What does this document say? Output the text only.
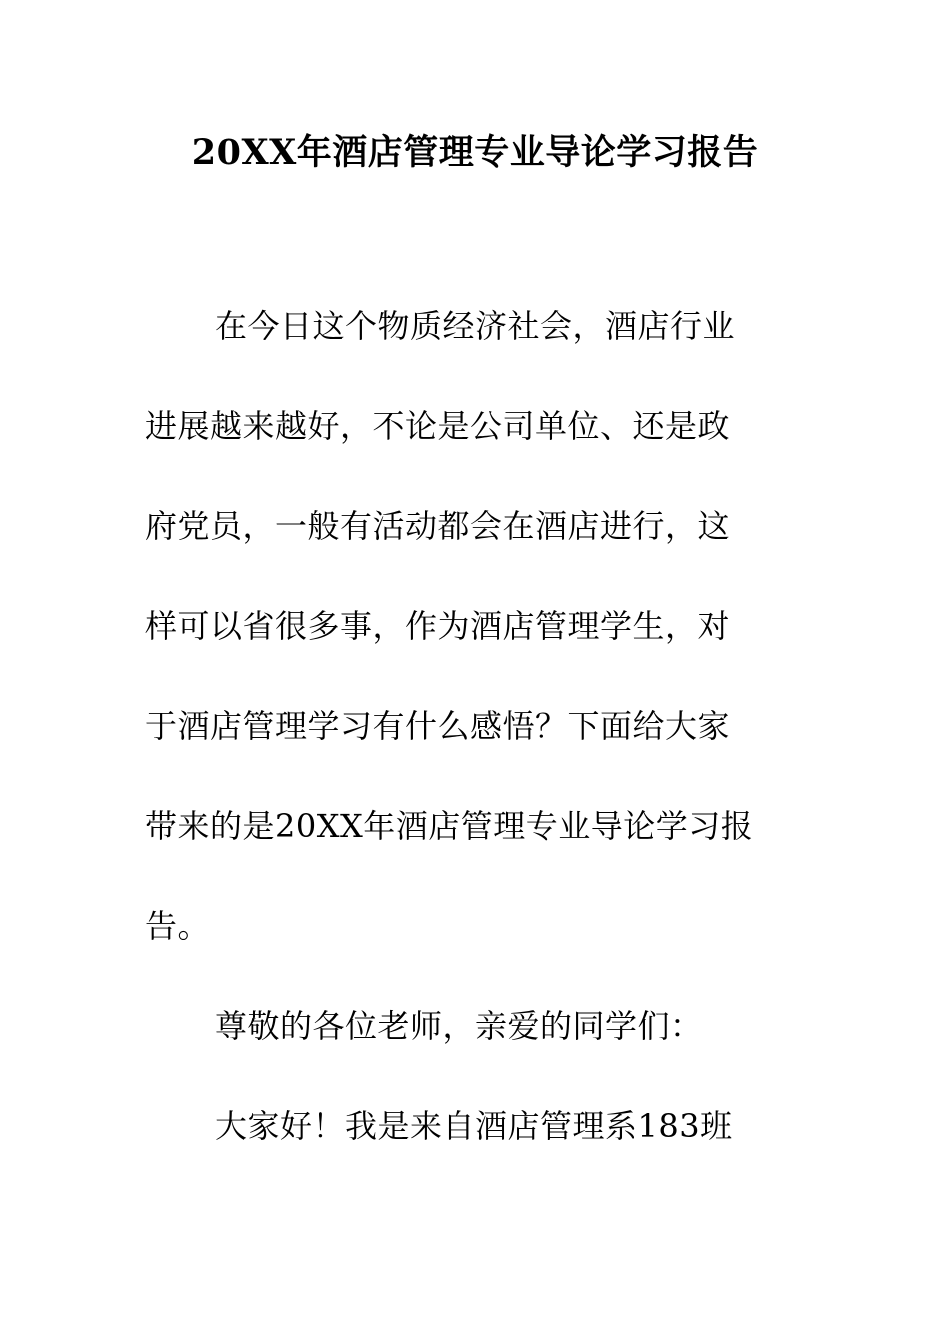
20XX年酒店管理专业导论学习报告

在今日这个物质经济社会，酒店行业

进展越来越好，不论是公司单位、还是政

府党员，一般有活动都会在酒店进行，这

样可以省很多事，作为酒店管理学生，对

于酒店管理学习有什么感悟？下面给大家

带来的是20XX年酒店管理专业导论学习报

告。

尊敬的各位老师，亲爱的同学们：

大家好！我是来自酒店管理系183班
